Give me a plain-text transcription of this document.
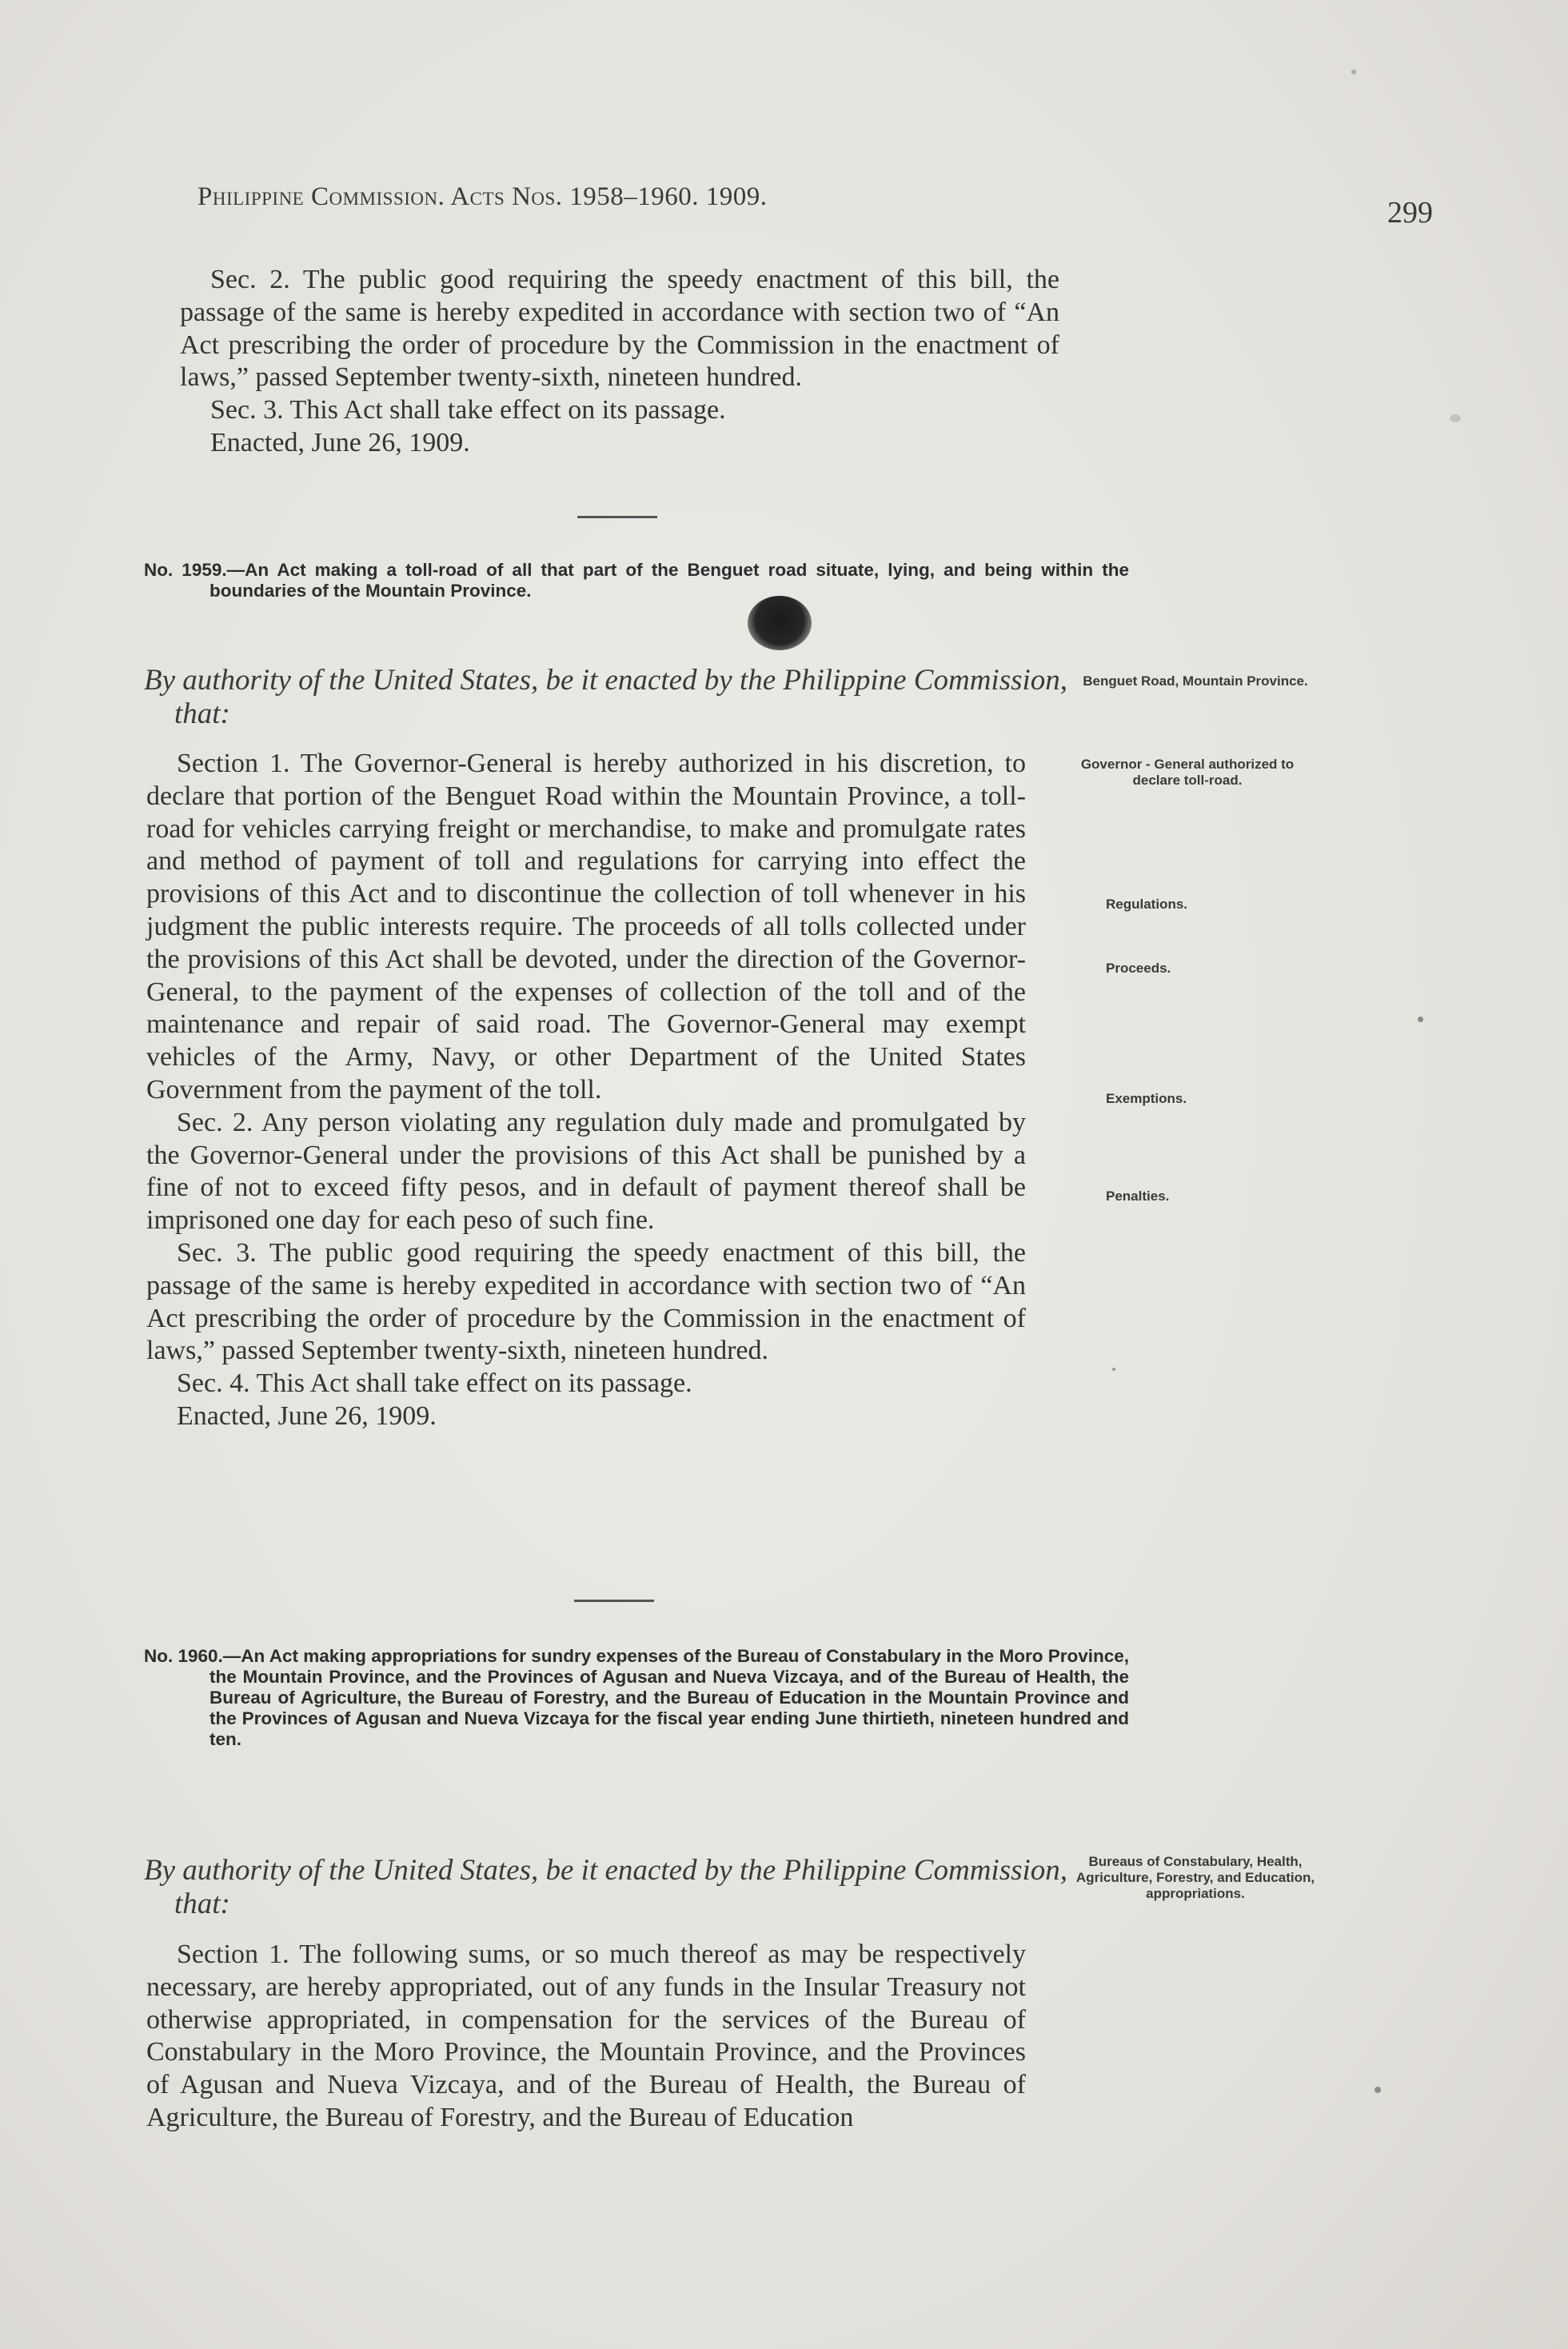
Philippine Commission. Acts Nos. 1958–1960. 1909.	299

Sec. 2. The public good requiring the speedy enactment of this bill, the passage of the same is hereby expedited in accordance with section two of “An Act prescribing the order of procedure by the Commission in the enactment of laws,” passed September twenty-sixth, nineteen hundred.

Sec. 3. This Act shall take effect on its passage.

Enacted, June 26, 1909.

No. 1959.—An Act making a toll-road of all that part of the Benguet road situate, lying, and being within the boundaries of the Mountain Province.
By authority of the United States, be it enacted by the Philippine Commission, that:

Section 1. The Governor-General is hereby authorized in his discretion, to declare that portion of the Benguet Road within the Mountain Province, a toll-road for vehicles carrying freight or merchandise, to make and promulgate rates and method of payment of toll and regulations for carrying into effect the provisions of this Act and to discontinue the collection of toll whenever in his judgment the public interests require. The proceeds of all tolls collected under the provisions of this Act shall be devoted, under the direction of the Governor-General, to the payment of the expenses of collection of the toll and of the maintenance and repair of said road. The Governor-General may exempt vehicles of the Army, Navy, or other Department of the United States Government from the payment of the toll.

Sec. 2. Any person violating any regulation duly made and promulgated by the Governor-General under the provisions of this Act shall be punished by a fine of not to exceed fifty pesos, and in default of payment thereof shall be imprisoned one day for each peso of such fine.

Sec. 3. The public good requiring the speedy enactment of this bill, the passage of the same is hereby expedited in accordance with section two of “An Act prescribing the order of procedure by the Commission in the enactment of laws,” passed September twenty-sixth, nineteen hundred.

Sec. 4. This Act shall take effect on its passage.

Enacted, June 26, 1909.

Benguet Road, Mountain Province.
Governor - General authorized to declare toll-road.
Regulations.
Proceeds.
Exemptions.
Penalties.
No. 1960.—An Act making appropriations for sundry expenses of the Bureau of Constabulary in the Moro Province, the Mountain Province, and the Provinces of Agusan and Nueva Vizcaya, and of the Bureau of Health, the Bureau of Agriculture, the Bureau of Forestry, and the Bureau of Education in the Mountain Province and the Provinces of Agusan and Nueva Vizcaya for the fiscal year ending June thirtieth, nineteen hundred and ten.
By authority of the United States, be it enacted by the Philippine Commission, that:

Section 1. The following sums, or so much thereof as may be respectively necessary, are hereby appropriated, out of any funds in the Insular Treasury not otherwise appropriated, in compensation for the services of the Bureau of Constabulary in the Moro Province, the Mountain Province, and the Provinces of Agusan and Nueva Vizcaya, and of the Bureau of Health, the Bureau of Agriculture, the Bureau of Forestry, and the Bureau of Education

Bureaus of Constabulary, Health, Agriculture, Forestry, and Education, appropriations.
